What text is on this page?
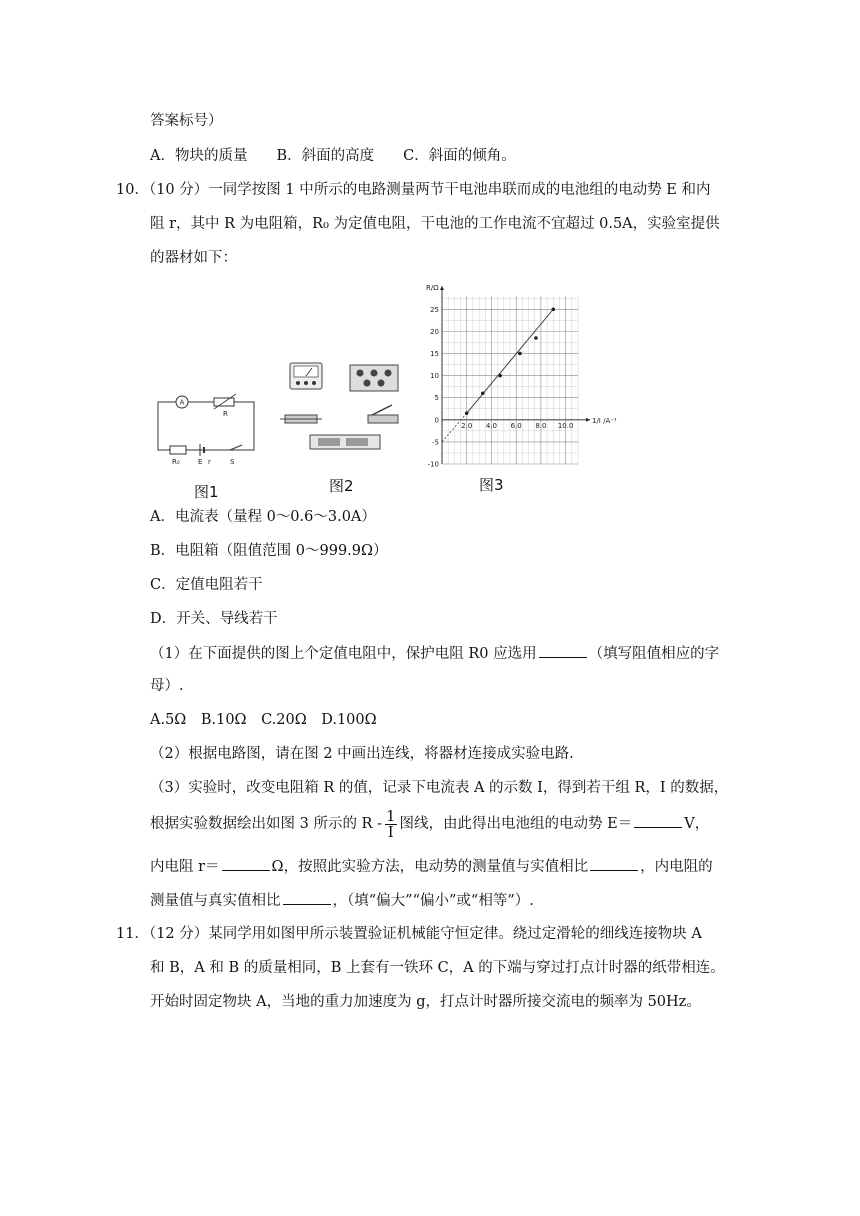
答案标号）
A．物块的质量　　B．斜面的高度　　C．斜面的倾角。
10．（10 分）一同学按图 1 中所示的电路测量两节干电池串联而成的电池组的电动势 E 和内
阻 r，其中 R 为电阻箱，R₀ 为定值电阻，干电池的工作电流不宜超过 0.5A，实验室提供
的器材如下：
A
R
R₀	E r	S
图1	图2
-10
-5
0
5
10
15
20
25
2.0 4.0 6.0 8.0 10.0
R/Ω
1/I /A⁻¹
图3
A．电流表（量程 0～0.6～3.0A）
B．电阻箱（阻值范围 0～999.9Ω）
C．定值电阻若干
D．开关、导线若干
（1）在下面提供的图上个定值电阻中，保护电阻 R0 应选用	（填写阻值相应的字
母）.
A.5Ω　B.10Ω　C.20Ω　D.100Ω
（2）根据电路图，请在图 2 中画出连线，将器材连接成实验电路.
（3）实验时，改变电阻箱 R 的值，记录下电流表 A 的示数 I，得到若干组 R，I 的数据，
根据实验数据绘出如图 3 所示的 R - $\frac{1}{I}$ 图线，由此得出电池组的电动势 E＝	V，
内电阻 r＝	Ω，按照此实验方法，电动势的测量值与实值相比	，内电阻的
测量值与真实值相比	，（填“偏大”“偏小”或“相等”）.
11．（12 分）某同学用如图甲所示装置验证机械能守恒定律。绕过定滑轮的细线连接物块 A
和 B，A 和 B 的质量相同，B 上套有一铁环 C，A 的下端与穿过打点计时器的纸带相连。
开始时固定物块 A，当地的重力加速度为 g，打点计时器所接交流电的频率为 50Hz。
